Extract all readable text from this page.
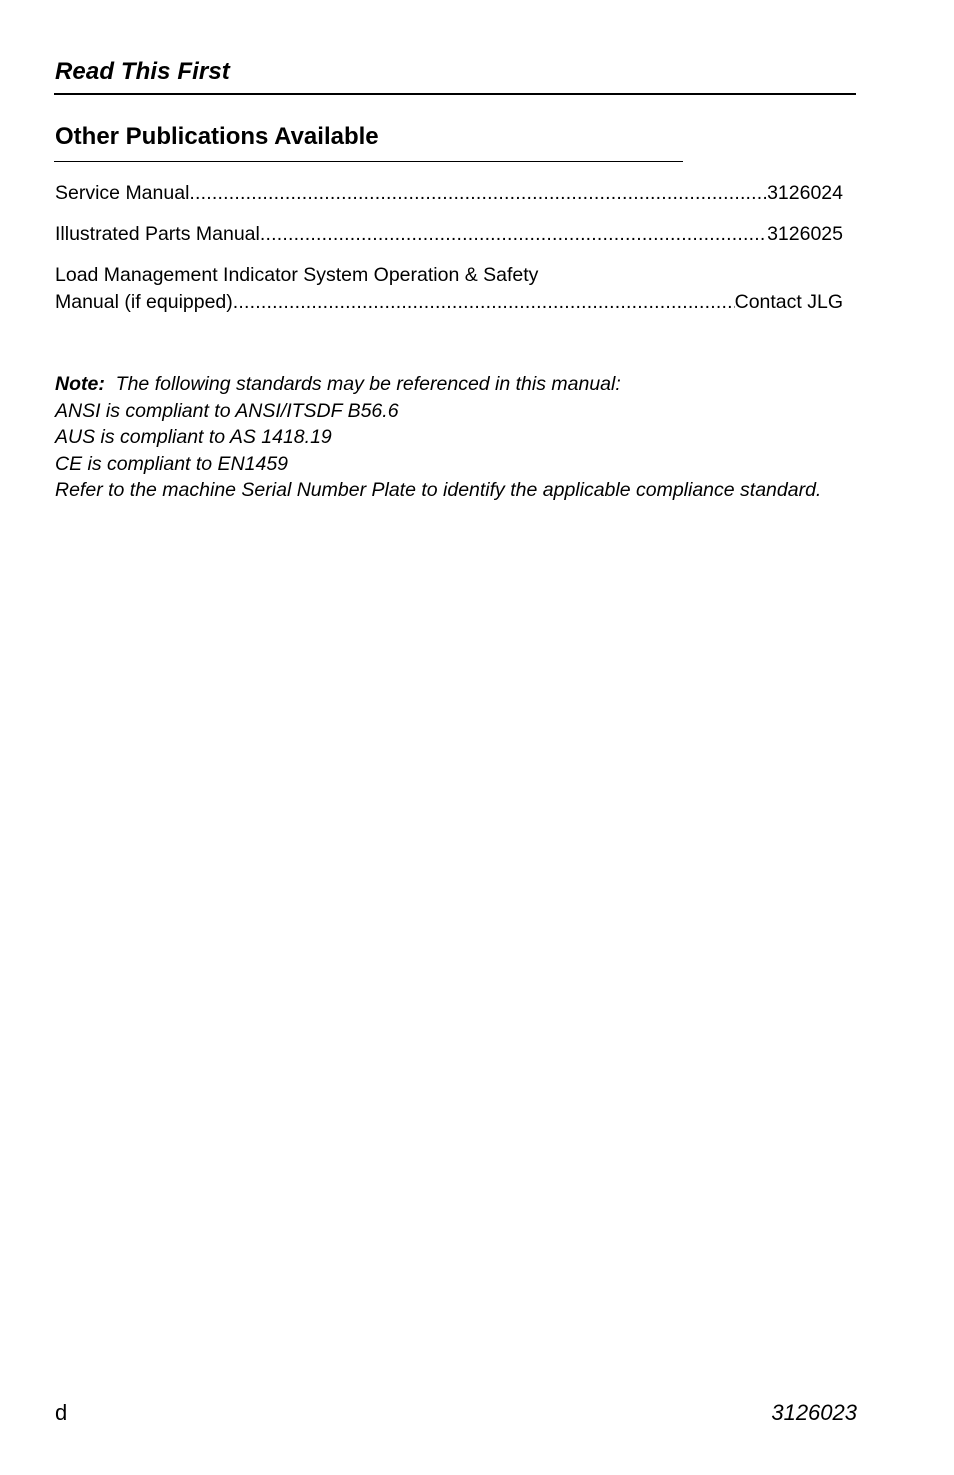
Read This First
Other Publications Available
Service Manual .....	3126024
Illustrated Parts Manual .....	3126025
Load Management Indicator System Operation & Safety
Manual (if equipped) .....	Contact JLG
Note: The following standards may be referenced in this manual:
ANSI is compliant to ANSI/ITSDF B56.6
AUS is compliant to AS 1418.19
CE is compliant to EN1459
Refer to the machine Serial Number Plate to identify the applicable compliance standard.
d	3126023
